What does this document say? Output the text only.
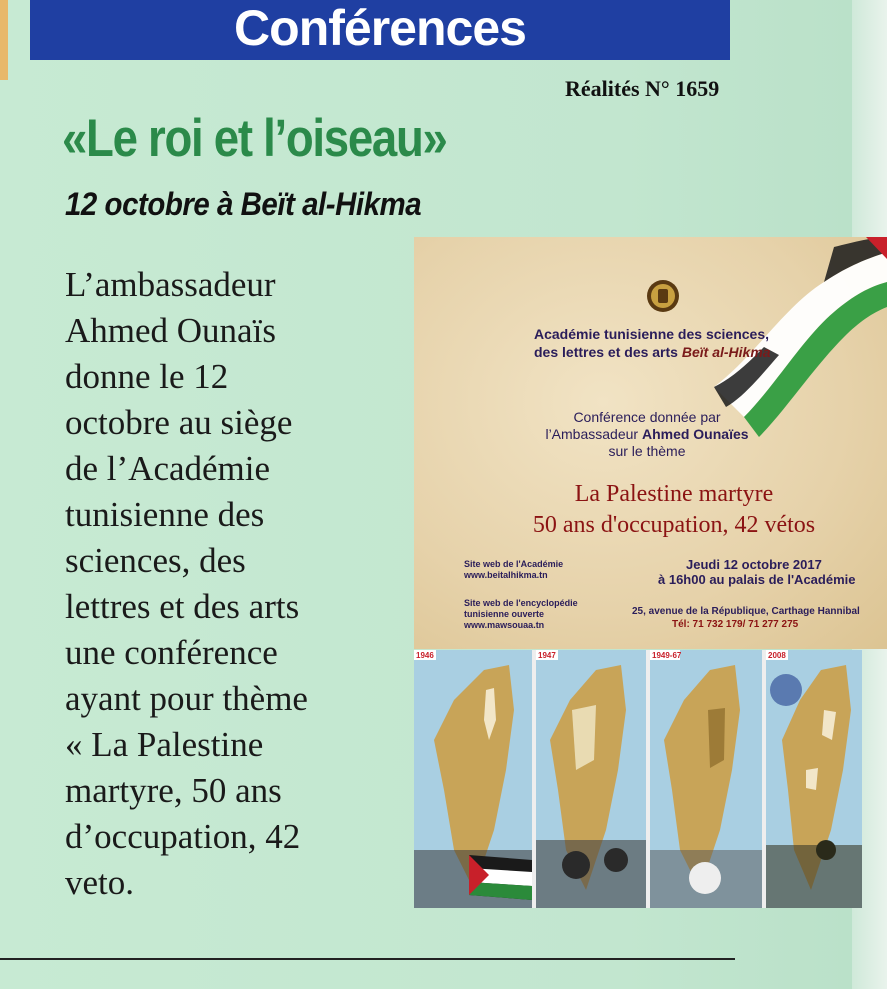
Conférences
Réalités N° 1659
«Le roi et l’oiseau»
12 octobre à Beït al-Hikma
L’ambassadeur
Ahmed Ounaïs
donne le 12
octobre au siège
de l’Académie
tunisienne des
sciences, des
lettres et des arts
une conférence
ayant pour thème
« La Palestine
martyre, 50 ans
d’occupation, 42
veto.
Académie tunisienne des sciences,
des lettres et des arts Beït al-Hikma
Conférence donnée par
l’Ambassadeur Ahmed Ounaïes
sur le thème
La Palestine martyre
50 ans d'occupation, 42 vétos
Site web de l'Académie
www.beitalhikma.tn
Site web de l'encyclopédie
tunisienne ouverte
www.mawsouaa.tn
Jeudi 12 octobre 2017
à 16h00 au palais de l'Académie
25, avenue de la République, Carthage Hannibal
Tél: 71 732 179/ 71 277 275
1946	1947	1949-67	2008
